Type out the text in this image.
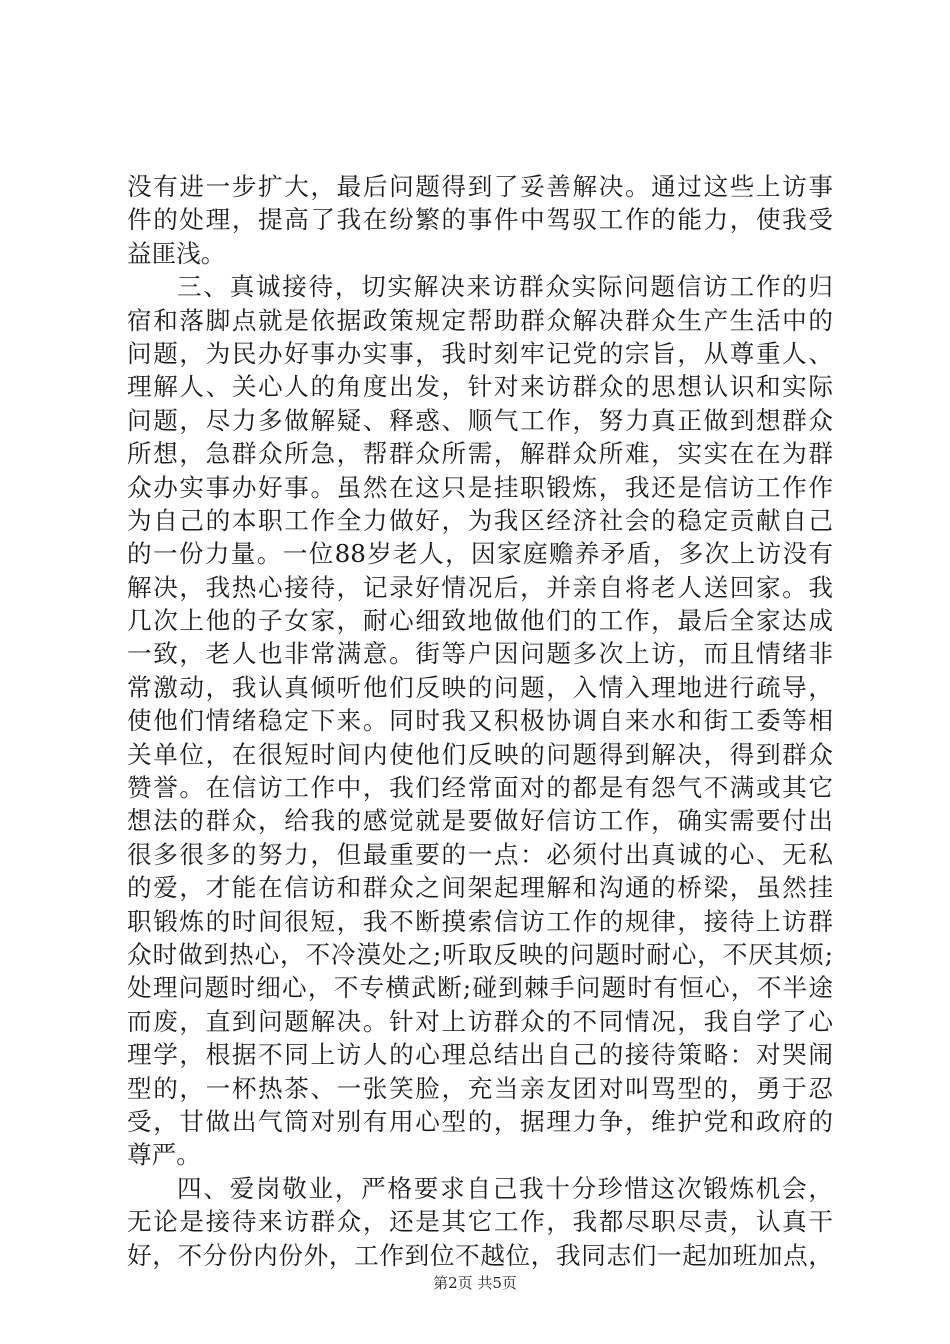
没有进一步扩大，最后问题得到了妥善解决。通过这些上访事
件的处理，提高了我在纷繁的事件中驾驭工作的能力，使我受
益匪浅。
三、真诚接待，切实解决来访群众实际问题信访工作的归
宿和落脚点就是依据政策规定帮助群众解决群众生产生活中的
问题，为民办好事办实事，我时刻牢记党的宗旨，从尊重人、
理解人、关心人的角度出发，针对来访群众的思想认识和实际
问题，尽力多做解疑、释惑、顺气工作，努力真正做到想群众
所想，急群众所急，帮群众所需，解群众所难，实实在在为群
众办实事办好事。虽然在这只是挂职锻炼，我还是信访工作作
为自己的本职工作全力做好，为我区经济社会的稳定贡献自己
的一份力量。一位88岁老人，因家庭赡养矛盾，多次上访没有
解决，我热心接待，记录好情况后，并亲自将老人送回家。我
几次上他的子女家，耐心细致地做他们的工作，最后全家达成
一致，老人也非常满意。街等户因问题多次上访，而且情绪非
常激动，我认真倾听他们反映的问题，入情入理地进行疏导，
使他们情绪稳定下来。同时我又积极协调自来水和街工委等相
关单位，在很短时间内使他们反映的问题得到解决，得到群众
赞誉。在信访工作中，我们经常面对的都是有怨气不满或其它
想法的群众，给我的感觉就是要做好信访工作，确实需要付出
很多很多的努力，但最重要的一点：必须付出真诚的心、无私
的爱，才能在信访和群众之间架起理解和沟通的桥梁，虽然挂
职锻炼的时间很短，我不断摸索信访工作的规律，接待上访群
众时做到热心，不冷漠处之;听取反映的问题时耐心，不厌其烦;
处理问题时细心，不专横武断;碰到棘手问题时有恒心，不半途
而废，直到问题解决。针对上访群众的不同情况，我自学了心
理学，根据不同上访人的心理总结出自己的接待策略：对哭闹
型的，一杯热茶、一张笑脸，充当亲友团对叫骂型的，勇于忍
受，甘做出气筒对别有用心型的，据理力争，维护党和政府的
尊严。
四、爱岗敬业，严格要求自己我十分珍惜这次锻炼机会，
无论是接待来访群众，还是其它工作，我都尽职尽责，认真干
好，不分份内份外，工作到位不越位，我同志们一起加班加点，
第2页 共5页
